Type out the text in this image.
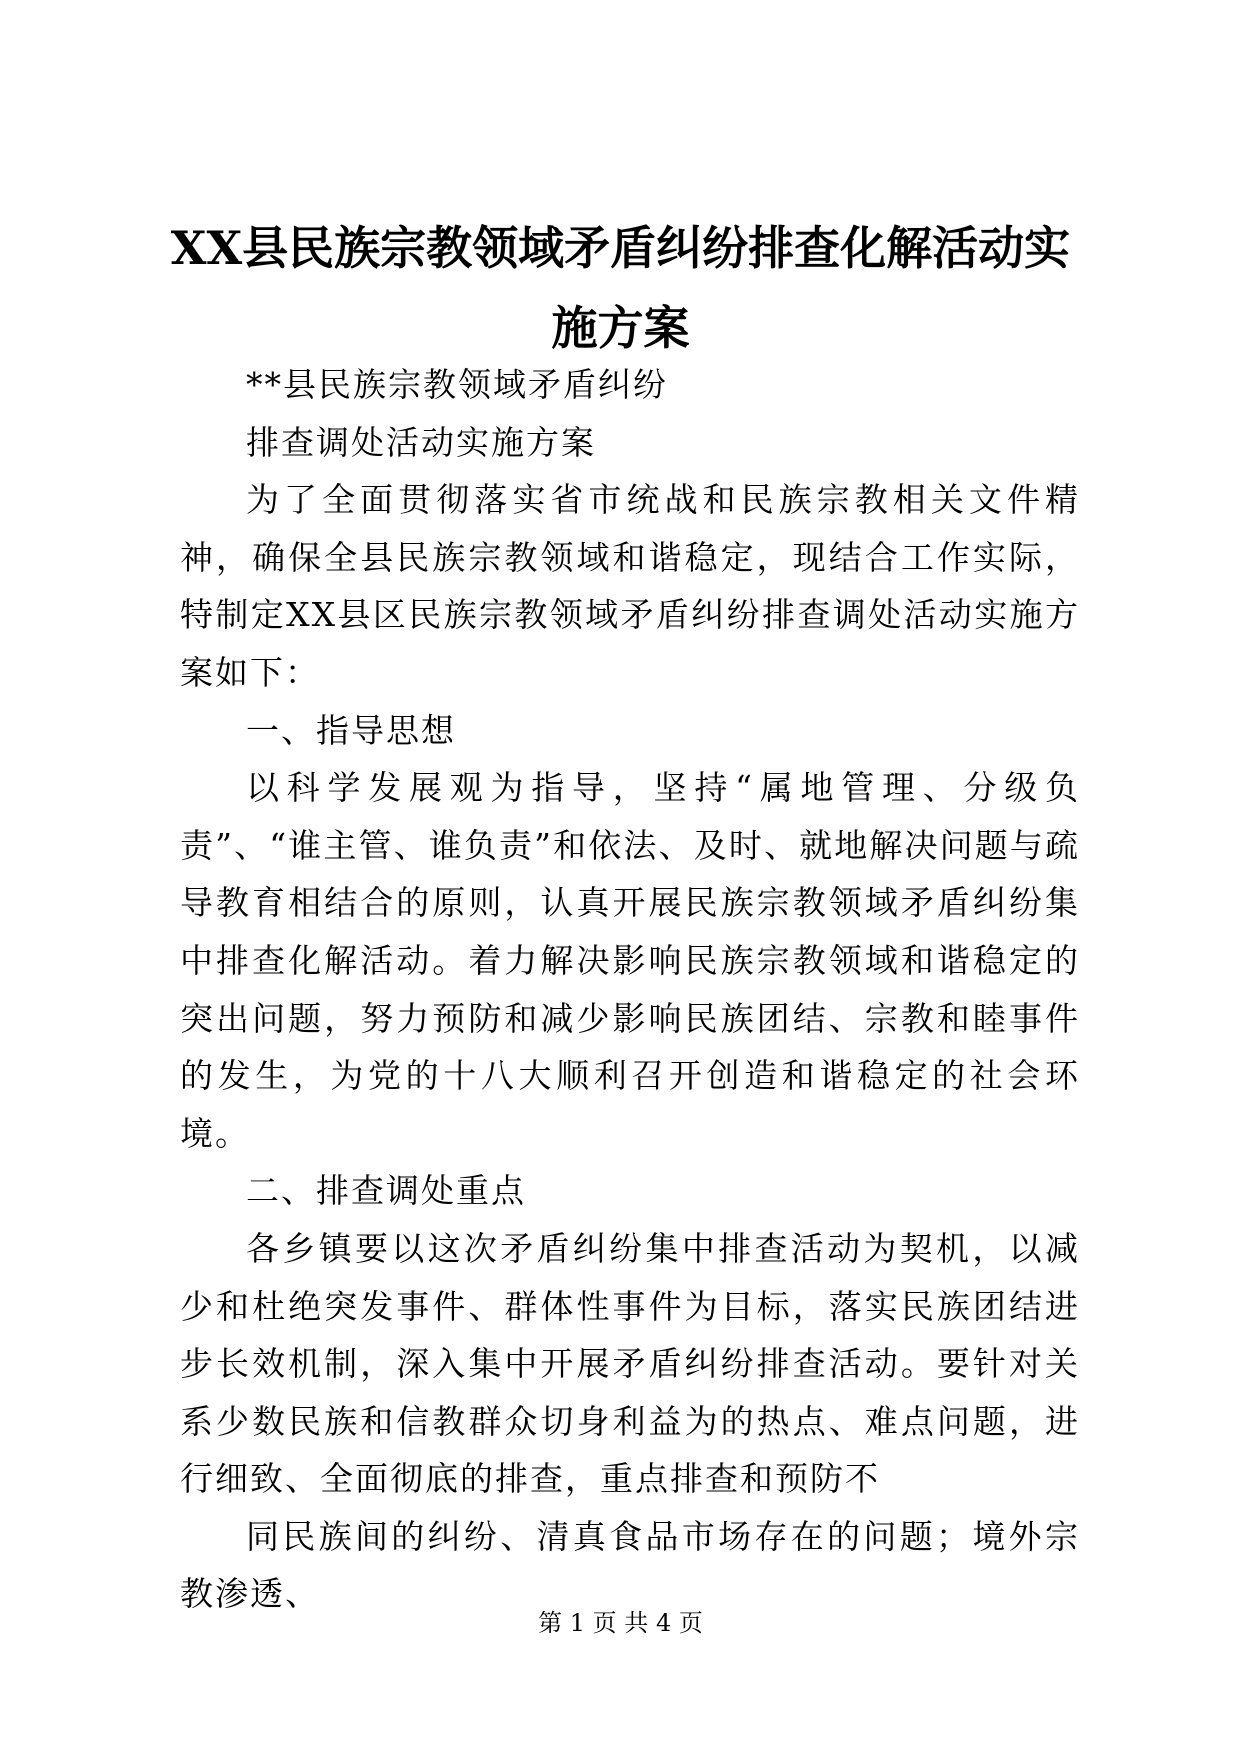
XX县民族宗教领域矛盾纠纷排查化解活动实施方案

**县民族宗教领域矛盾纠纷

排查调处活动实施方案

为了全面贯彻落实省市统战和民族宗教相关文件精神，确保全县民族宗教领域和谐稳定，现结合工作实际，特制定XX县区民族宗教领域矛盾纠纷排查调处活动实施方案如下：

一、指导思想

以科学发展观为指导，坚持“属地管理、分级负责”、“谁主管、谁负责”和依法、及时、就地解决问题与疏导教育相结合的原则，认真开展民族宗教领域矛盾纠纷集中排查化解活动。着力解决影响民族宗教领域和谐稳定的突出问题，努力预防和减少影响民族团结、宗教和睦事件的发生，为党的十八大顺利召开创造和谐稳定的社会环境。

二、排查调处重点

各乡镇要以这次矛盾纠纷集中排查活动为契机，以减少和杜绝突发事件、群体性事件为目标，落实民族团结进步长效机制，深入集中开展矛盾纠纷排查活动。要针对关系少数民族和信教群众切身利益为的热点、难点问题，进行细致、全面彻底的排查，重点排查和预防不

同民族间的纠纷、清真食品市场存在的问题；境外宗教渗透、

第 1 页 共 4 页
